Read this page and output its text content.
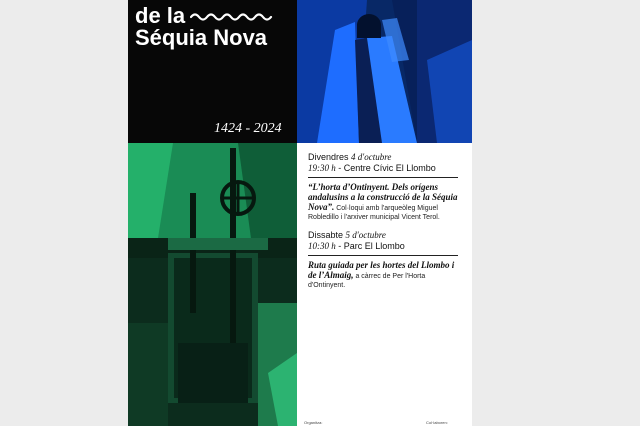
de la
Séquia Nova
1424 - 2024
Divendres 4 d'octubre
19:30 h - Centre Cívic El Llombo
“L’horta d’Ontinyent. Dels orígens andalusins a la construcció de la Séquia Nova”. Col·loqui amb l'arqueòleg Miguel Robledillo i l'arxiver municipal Vicent Terol.
Dissabte 5 d'octubre
10:30 h - Parc El Llombo
Ruta guiada per les hortes del Llombo i de l’Almaig, a càrrec de Per l'Horta d'Ontinyent.
Organitza:	Col·laboren:
